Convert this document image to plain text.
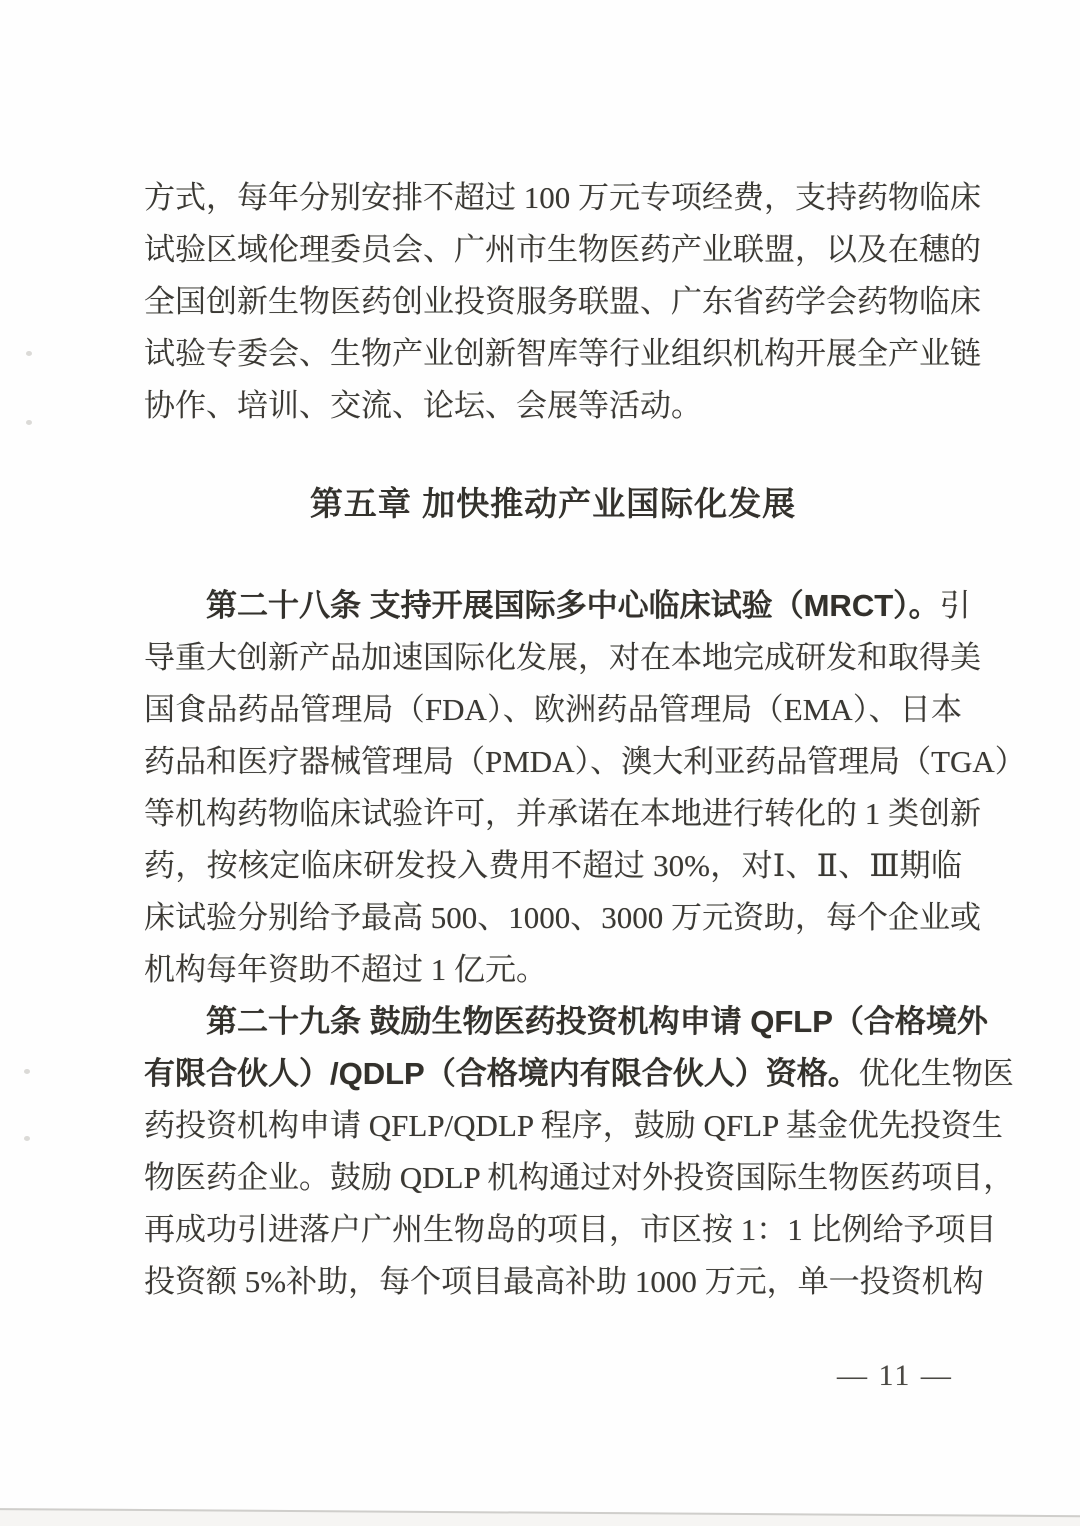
方式，每年分别安排不超过 100 万元专项经费，支持药物临床
试验区域伦理委员会、广州市生物医药产业联盟，以及在穗的
全国创新生物医药创业投资服务联盟、广东省药学会药物临床
试验专委会、生物产业创新智库等行业组织机构开展全产业链
协作、培训、交流、论坛、会展等活动。
第五章 加快推动产业国际化发展
第二十八条 支持开展国际多中心临床试验（MRCT）。引
导重大创新产品加速国际化发展，对在本地完成研发和取得美
国食品药品管理局（FDA）、欧洲药品管理局（EMA）、日本
药品和医疗器械管理局（PMDA）、澳大利亚药品管理局（TGA）
等机构药物临床试验许可，并承诺在本地进行转化的 1 类创新
药，按核定临床研发投入费用不超过 30%，对Ⅰ、Ⅱ、Ⅲ期临
床试验分别给予最高 500、1000、3000 万元资助，每个企业或
机构每年资助不超过 1 亿元。
第二十九条 鼓励生物医药投资机构申请 QFLP（合格境外
有限合伙人）/QDLP（合格境内有限合伙人）资格。优化生物医
药投资机构申请 QFLP/QDLP 程序，鼓励 QFLP 基金优先投资生
物医药企业。鼓励 QDLP 机构通过对外投资国际生物医药项目，
再成功引进落户广州生物岛的项目，市区按 1：1 比例给予项目
投资额 5%补助，每个项目最高补助 1000 万元，单一投资机构
— 11 —
